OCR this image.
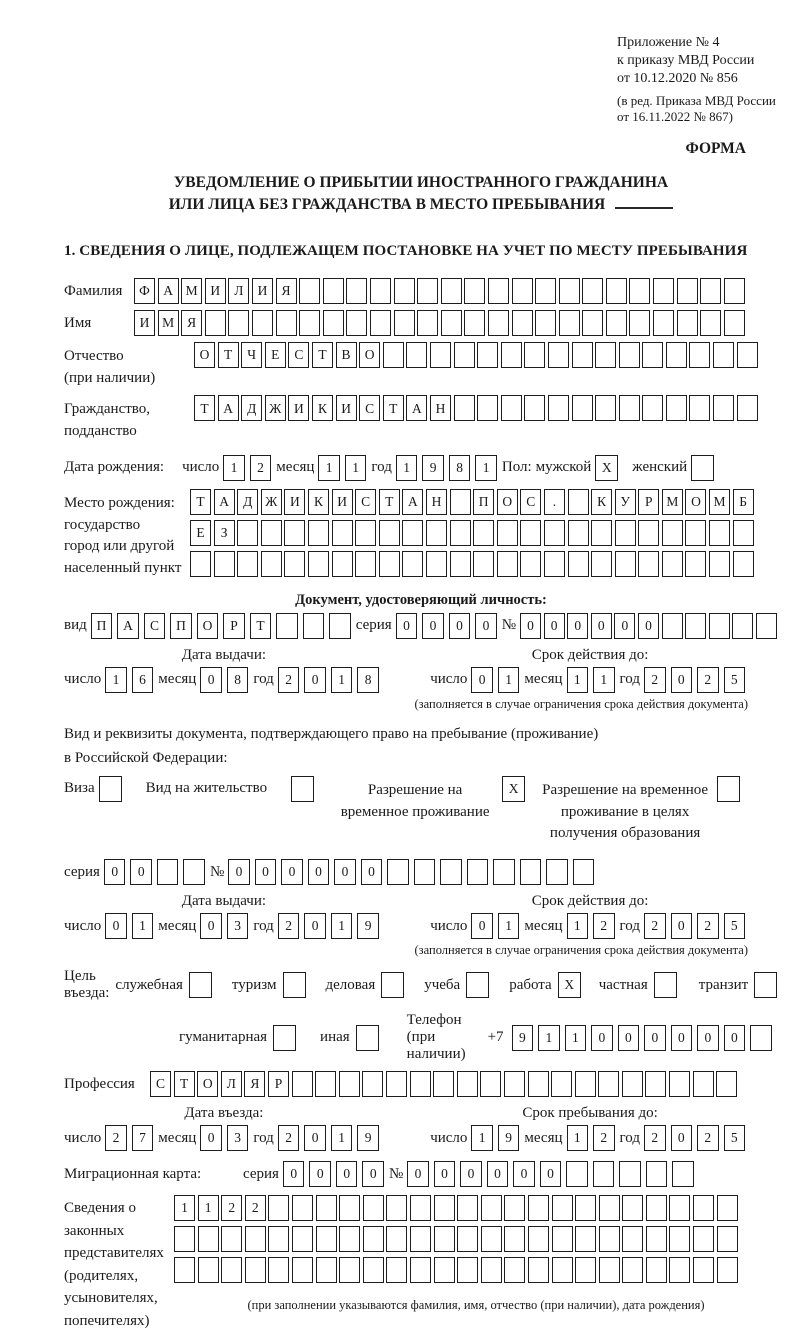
Приложение № 4
к приказу МВД России
от 10.12.2020 № 856
(в ред. Приказа МВД России
от 16.11.2022 № 867)
ФОРМА
УВЕДОМЛЕНИЕ О ПРИБЫТИИ ИНОСТРАННОГО ГРАЖДАНИНА
ИЛИ ЛИЦА БЕЗ ГРАЖДАНСТВА В МЕСТО ПРЕБЫВАНИЯ
1. СВЕДЕНИЯ О ЛИЦЕ, ПОДЛЕЖАЩЕМ ПОСТАНОВКЕ НА УЧЕТ ПО МЕСТУ ПРЕБЫВАНИЯ
Фамилия	Ф А М И	Л	И	Я
Имя	И М Я
Отчество
(при наличии)
О	Т	Ч	Е	С	Т	В	О
Гражданство,
подданство
Т	А	Д Ж И	К	И	С	Т	А	Н
Дата рождения: число 1	2 месяц 1	1 год 1	9	8	1 Пол: мужской X	женский
Место рождения:
государство
город или другой
населенный пункт
Т	А	Д Ж И	К	И	С	Т	А	Н	П	О	С	.	К	У	Р	М О М	Б

Е	З

Документ, удостоверяющий личность:
вид П	А	С	П	О	Р	Т	серия 0	0	0	0 № 0	0	0	0	0	0
Дата выдачи:
число 1	6 месяц 0	8 год 2	0	1	8
Срок действия до:
число 0	1 месяц 1	1 год 2	0	2	5
(заполняется в случае ограничения срока действия документа)
Вид и реквизиты документа, подтверждающего право на пребывание (проживание)
в Российской Федерации:
Виза	Вид на жительство	Разрешение на временное проживание
X	Разрешение на временное проживание в целях получения образования
серия 0	0	№ 0	0	0	0	0	0
Дата выдачи:
число 0	1 месяц 0	3 год 2	0	1	9
Срок действия до:
число 0	1 месяц 1	2 год 2	0	2	5
(заполняется в случае ограничения срока действия документа)
Цель въезда:
служебная	туризм	деловая	учеба	работа X	частная	транзит
гуманитарная	иная
Телефон (при наличии)
+7	9	1	1	0	0	0	0	0	0
Профессия	С	Т	О	Л	Я	Р
Дата въезда:
число 2	7 месяц 0	3 год 2	0	1	9
Срок пребывания до:
число 1	9 месяц 1	2 год 2	0	2	5
Миграционная карта:	серия 0	0	0	0 № 0	0	0	0	0	0
Сведения о
законных
представителях
(родителях,
усыновителях,
попечителях)
1	1	2	2

(при заполнении указываются фамилия, имя, отчество (при наличии), дата рождения)
